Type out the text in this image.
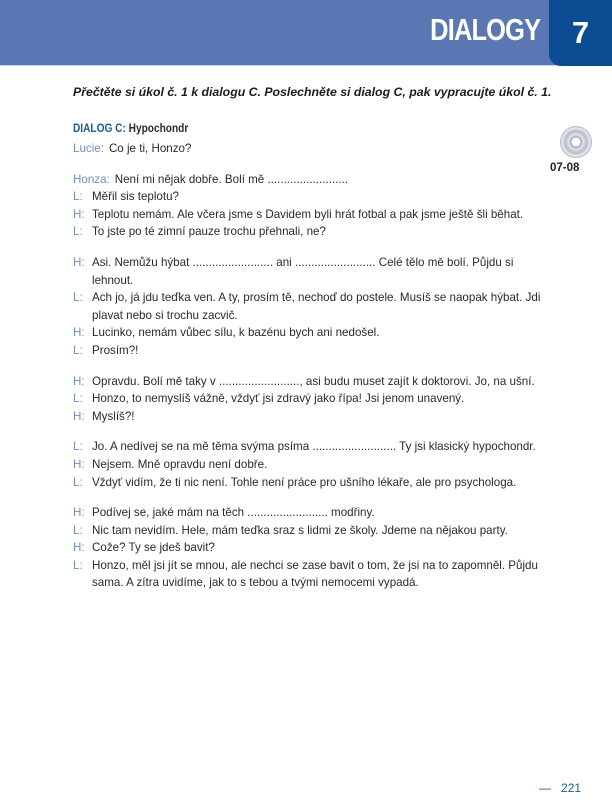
DIALOGY	7
Přečtěte si úkol č. 1 k dialogu C. Poslechněte si dialog C, pak vypracujte úkol č. 1.
DIALOG C: Hypochondr
07-08
Lucie: Co je ti, Honzo?
Honza: Není mi nějak dobře. Bolí mě .........................
L: Měřil sis teplotu?
H: Teplotu nemám. Ale včera jsme s Davidem byli hrát fotbal a pak jsme ještě šli běhat.
L: To jste po té zimní pauze trochu přehnali, ne?
H: Asi. Nemůžu hýbat ......................... ani ......................... Celé tělo mě bolí. Půjdu si lehnout.
L: Ach jo, já jdu teďka ven. A ty, prosím tě, nechoď do postele. Musíš se naopak hýbat. Jdi plavat nebo si trochu zacvič.
H: Lucinko, nemám vůbec sílu, k bazénu bych ani nedošel.
L: Prosím?!
H: Opravdu. Bolí mě taky v ........................., asi budu muset zajít k doktorovi. Jo, na ušní.
L: Honzo, to nemyslíš vážně, vždyť jsi zdravý jako řípa! Jsi jenom unavený.
H: Myslíš?!
L: Jo. A nedívej se na mě těma svýma psíma .......................... Ty jsi klasický hypochondr.
H: Nejsem. Mně opravdu není dobře.
L: Vždyť vidím, že ti nic není. Tohle není práce pro ušního lékaře, ale pro psychologa.
H: Podívej se, jaké mám na těch ......................... modřiny.
L: Nic tam nevidím. Hele, mám teďka sraz s lidmi ze školy. Jdeme na nějakou party.
H: Cože? Ty se jdeš bavit?
L: Honzo, měl jsi jít se mnou, ale nechci se zase bavit o tom, že jsi na to zapomněl. Půjdu sama. A zítra uvidíme, jak to s tebou a tvými nemocemi vypadá.
— 221
